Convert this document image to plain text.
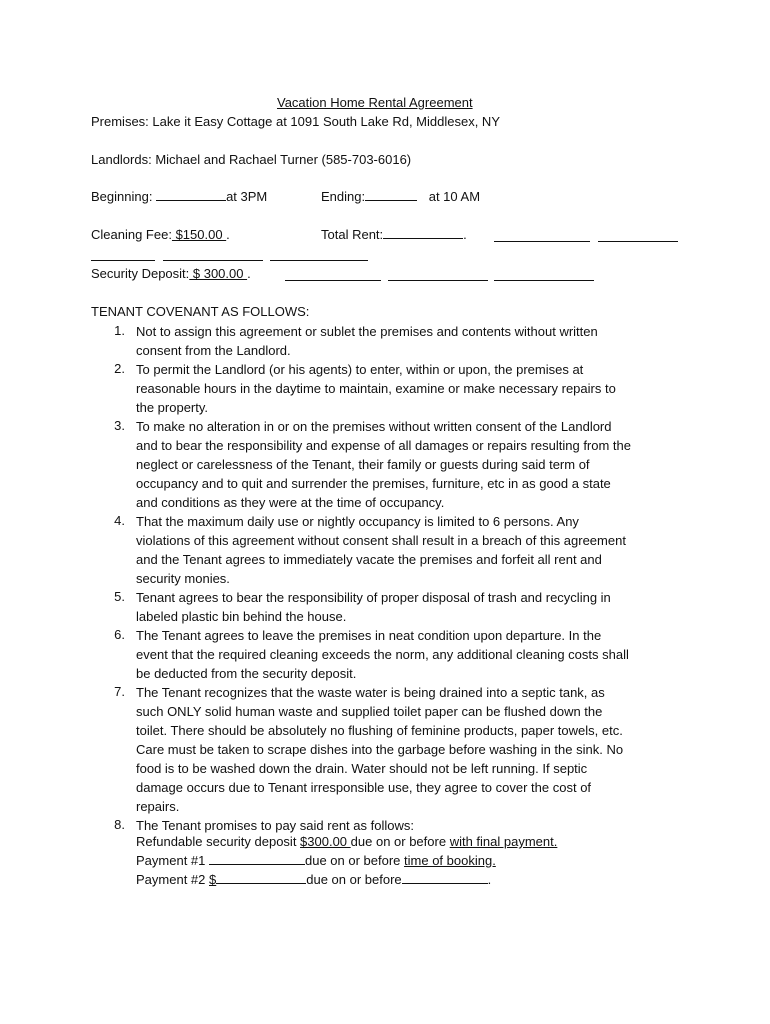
Vacation Home Rental Agreement
Premises: Lake it Easy Cottage at 1091 South Lake Rd, Middlesex, NY
Landlords: Michael and Rachael Turner (585-703-6016)
Beginning:	at 3PM	Ending:	at 10 AM
Cleaning Fee: $150.00 .	Total Rent:	.
Security Deposit: $ 300.00 .
TENANT COVENANT AS FOLLOWS:
1. Not to assign this agreement or sublet the premises and contents without written
consent from the Landlord.
2. To permit the Landlord (or his agents) to enter, within or upon, the premises at
reasonable hours in the daytime to maintain, examine or make necessary repairs to
the property.
3. To make no alteration in or on the premises without written consent of the Landlord
and to bear the responsibility and expense of all damages or repairs resulting from the
neglect or carelessness of the Tenant, their family or guests during said term of
occupancy and to quit and surrender the premises, furniture, etc in as good a state
and conditions as they were at the time of occupancy.
4. That the maximum daily use or nightly occupancy is limited to 6 persons. Any
violations of this agreement without consent shall result in a breach of this agreement
and the Tenant agrees to immediately vacate the premises and forfeit all rent and
security monies.
5. Tenant agrees to bear the responsibility of proper disposal of trash and recycling in
labeled plastic bin behind the house.
6. The Tenant agrees to leave the premises in neat condition upon departure. In the
event that the required cleaning exceeds the norm, any additional cleaning costs shall
be deducted from the security deposit.
7. The Tenant recognizes that the waste water is being drained into a septic tank, as
such ONLY solid human waste and supplied toilet paper can be flushed down the
toilet. There should be absolutely no flushing of feminine products, paper towels, etc.
Care must be taken to scrape dishes into the garbage before washing in the sink. No
food is to be washed down the drain. Water should not be left running. If septic
damage occurs due to Tenant irresponsible use, they agree to cover the cost of
repairs.
8. The Tenant promises to pay said rent as follows:
Refundable security deposit $300.00 due on or before with final payment.
Payment #1	due on or before time of booking.
Payment #2 $	due on or before	.
